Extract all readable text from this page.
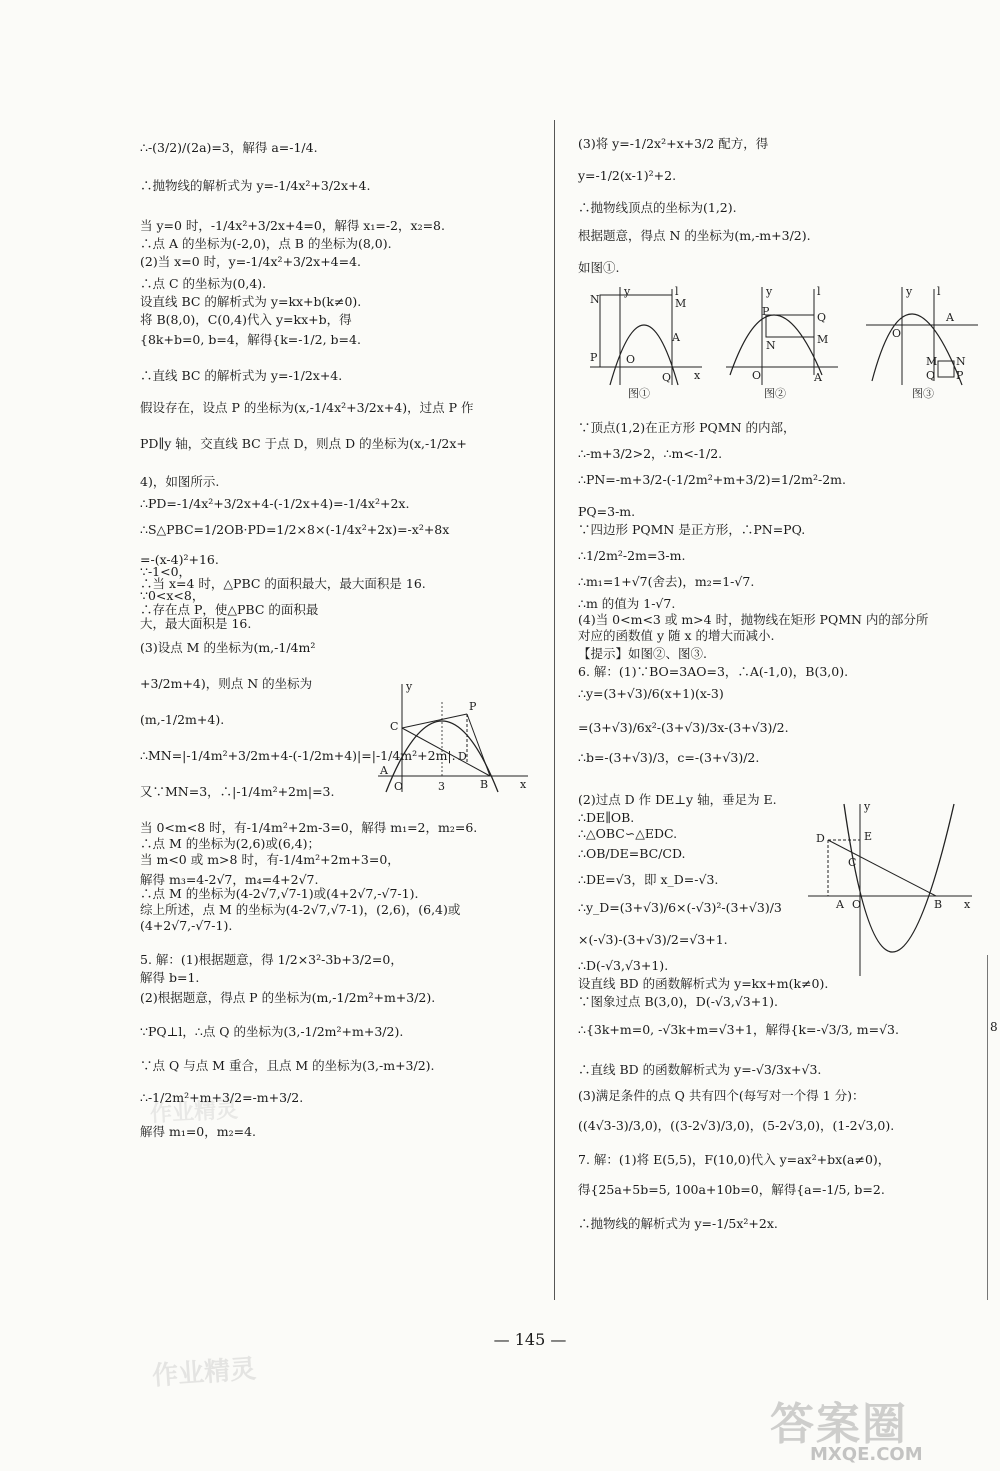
∴-(3/2)/(2a)=3，解得 a=-1/4.
∴抛物线的解析式为 y=-1/4x²+3/2x+4.
当 y=0 时，-1/4x²+3/2x+4=0，解得 x₁=-2，x₂=8.
∴点 A 的坐标为(-2,0)，点 B 的坐标为(8,0).
(2)当 x=0 时，y=-1/4x²+3/2x+4=4.
∴点 C 的坐标为(0,4).
设直线 BC 的解析式为 y=kx+b(k≠0).
将 B(8,0)，C(0,4)代入 y=kx+b，得
{8k+b=0, b=4，解得{k=-1/2, b=4.
∴直线 BC 的解析式为 y=-1/2x+4.
假设存在，设点 P 的坐标为(x,-1/4x²+3/2x+4)，过点 P 作
PD∥y 轴，交直线 BC 于点 D，则点 D 的坐标为(x,-1/2x+
4)，如图所示.
∴PD=-1/4x²+3/2x+4-(-1/2x+4)=-1/4x²+2x.
∴S△PBC=1/2OB·PD=1/2×8×(-1/4x²+2x)=-x²+8x
=-(x-4)²+16.
∵-1<0，
∴当 x=4 时，△PBC 的面积最大，最大面积是 16.
∵0<x<8，
∴存在点 P，使△PBC 的面积最
大，最大面积是 16.
(3)设点 M 的坐标为(m,-1/4m²
+3/2m+4)，则点 N 的坐标为
(m,-1/2m+4).
∴MN=|-1/4m²+3/2m+4-(-1/2m+4)|=|-1/4m²+2m|.
又∵MN=3，∴|-1/4m²+2m|=3.
当 0<m<8 时，有-1/4m²+2m-3=0，解得 m₁=2，m₂=6.
∴点 M 的坐标为(2,6)或(6,4)；
当 m<0 或 m>8 时，有-1/4m²+2m+3=0，
解得 m₃=4-2√7，m₄=4+2√7.
∴点 M 的坐标为(4-2√7,√7-1)或(4+2√7,-√7-1).
综上所述，点 M 的坐标为(4-2√7,√7-1)，(2,6)，(6,4)或
(4+2√7,-√7-1).
5. 解：(1)根据题意，得 1/2×3²-3b+3/2=0，
解得 b=1.
(2)根据题意，得点 P 的坐标为(m,-1/2m²+m+3/2).
∵PQ⊥l，∴点 Q 的坐标为(3,-1/2m²+m+3/2).
∵点 Q 与点 M 重合，且点 M 的坐标为(3,-m+3/2).
∴-1/2m²+m+3/2=-m+3/2.
解得 m₁=0，m₂=4.
(3)将 y=-1/2x²+x+3/2 配方，得
y=-1/2(x-1)²+2.
∴抛物线顶点的坐标为(1,2).
根据题意，得点 N 的坐标为(m,-m+3/2).
如图①.
∵顶点(1,2)在正方形 PQMN 的内部，
∴-m+3/2>2，∴m<-1/2.
∴PN=-m+3/2-(-1/2m²+m+3/2)=1/2m²-2m.
PQ=3-m.
∵四边形 PQMN 是正方形，∴PN=PQ.
∴1/2m²-2m=3-m.
∴m₁=1+√7(舍去)，m₂=1-√7.
∴m 的值为 1-√7.
(4)当 0<m<3 或 m>4 时，抛物线在矩形 PQMN 内的部分所
对应的函数值 y 随 x 的增大而减小.
【提示】如图②、图③.
6. 解：(1)∵BO=3AO=3，∴A(-1,0)，B(3,0).
∴y=(3+√3)/6(x+1)(x-3)
=(3+√3)/6x²-(3+√3)/3x-(3+√3)/2.
∴b=-(3+√3)/3，c=-(3+√3)/2.
(2)过点 D 作 DE⊥y 轴，垂足为 E.
∴DE∥OB.
∴△OBC∽△EDC.
∴OB/DE=BC/CD.
∴DE=√3，即 x_D=-√3.
∴y_D=(3+√3)/6×(-√3)²-(3+√3)/3
×(-√3)-(3+√3)/2=√3+1.
∴D(-√3,√3+1).
设直线 BD 的函数解析式为 y=kx+m(k≠0).
∵图象过点 B(3,0)，D(-√3,√3+1).
∴{3k+m=0, -√3k+m=√3+1，解得{k=-√3/3, m=√3.
∴直线 BD 的函数解析式为 y=-√3/3x+√3.
(3)满足条件的点 Q 共有四个(每写对一个得 1 分)：
((4√3-3)/3,0)，((3-2√3)/3,0)，(5-2√3,0)，(1-2√3,0).
7. 解：(1)将 E(5,5)，F(10,0)代入 y=ax²+bx(a≠0)，
得{25a+5b=5, 100a+10b=0，解得{a=-1/5, b=2.
∴抛物线的解析式为 y=-1/5x²+2x.
y
C
P
A
O	3
D
B	x
y	l
N	M
A
P	O
Q x
图①
y	l
P	Q
N	M
O	A
图②
y l
A
O
M N
Q P
图③
y
D	E
C
A O	B x
8
— 145 —
作业精灵
作业精灵
答案圈
MXQE.COM
